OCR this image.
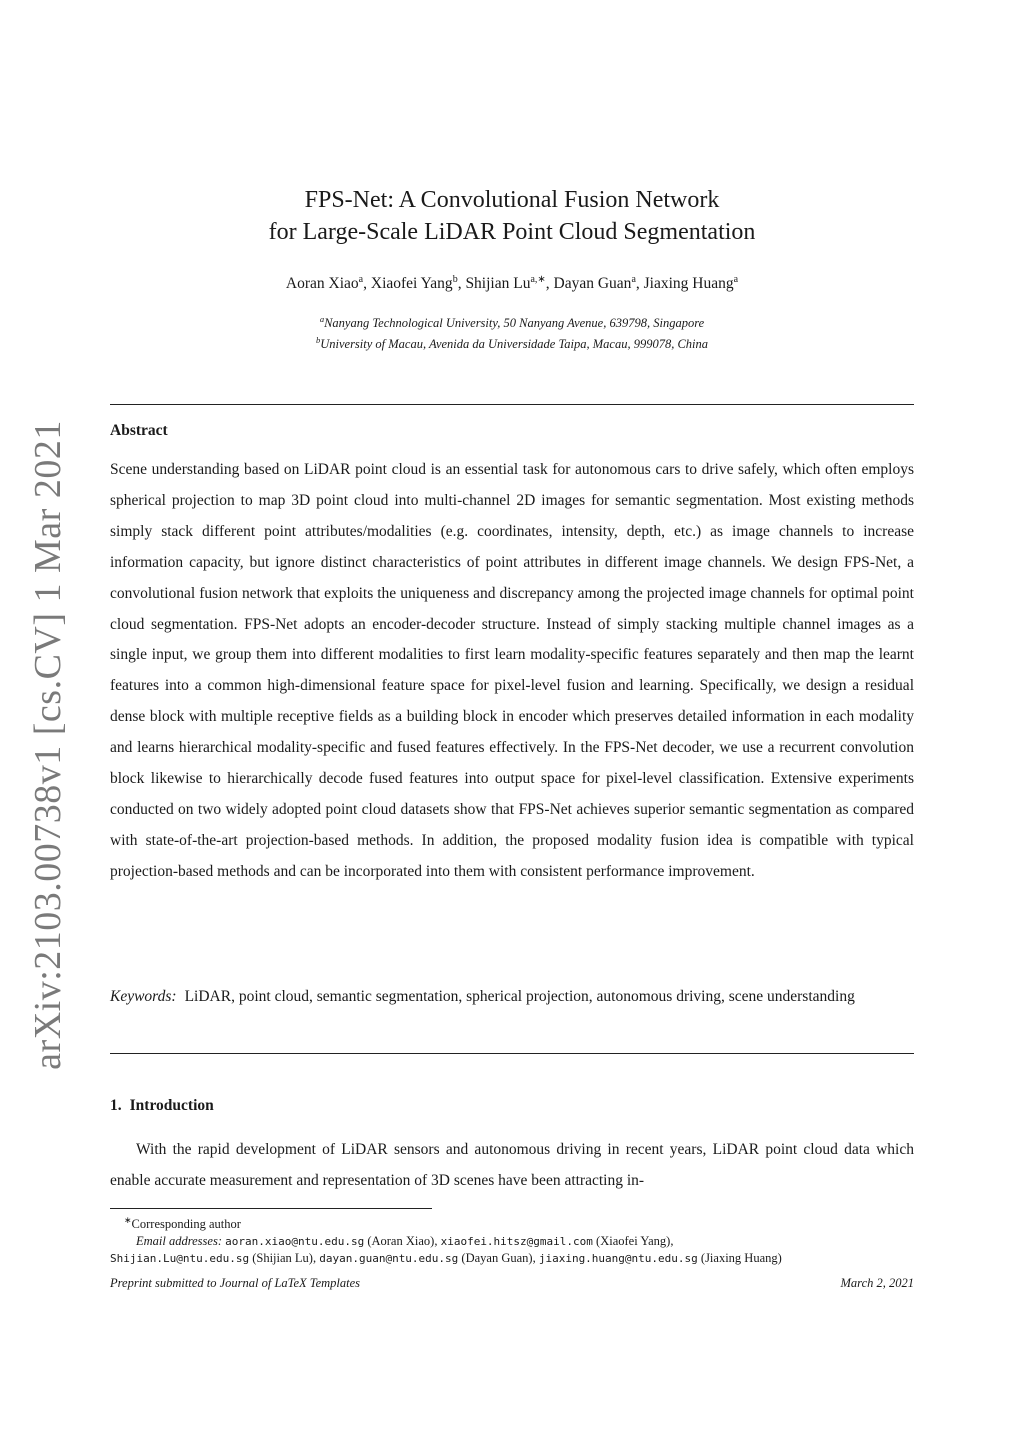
arXiv:2103.00738v1 [cs.CV] 1 Mar 2021
FPS-Net: A Convolutional Fusion Network
for Large-Scale LiDAR Point Cloud Segmentation
Aoran Xiao$^a$, Xiaofei Yang$^b$, Shijian $Lu^{a,∗}$, Dayan Guan$^a$, Jiaxing Huang$^a$
$^a$Nanyang Technological University, 50 Nanyang Avenue, 639798, Singapore
$^b$University of Macau, Avenida da Universidade Taipa, Macau, 999078, China
Abstract
Scene understanding based on LiDAR point cloud is an essential task for autonomous cars to drive safely, which often employs spherical projection to map 3D point cloud into multi-channel 2D images for semantic segmentation. Most existing methods simply stack different point attributes/modalities (e.g. coordinates, intensity, depth, etc.) as image channels to increase information capacity, but ignore distinct characteristics of point attributes in different image channels. We design FPS-Net, a convolutional fusion network that exploits the uniqueness and discrepancy among the projected image channels for optimal point cloud segmentation. FPS-Net adopts an encoder-decoder structure. Instead of simply stacking multiple channel images as a single input, we group them into different modalities to first learn modality-specific features separately and then map the learnt features into a common high-dimensional feature space for pixel-level fusion and learning. Specifically, we design a residual dense block with multiple receptive fields as a building block in encoder which preserves detailed information in each modality and learns hierarchical modality-specific and fused features effectively. In the FPS-Net decoder, we use a recurrent convolution block likewise to hierarchically decode fused features into output space for pixel-level classification. Extensive experiments conducted on two widely adopted point cloud datasets show that FPS-Net achieves superior semantic segmentation as compared with state-of-the-art projection-based methods. In addition, the proposed modality fusion idea is compatible with typical projection-based methods and can be incorporated into them with consistent performance improvement.
Keywords: LiDAR, point cloud, semantic segmentation, spherical projection, autonomous driving, scene understanding
1. Introduction
With the rapid development of LiDAR sensors and autonomous driving in recent years, LiDAR point cloud data which enable accurate measurement and representation of 3D scenes have been attracting in-
∗Corresponding author
Email addresses: aoran.xiao@ntu.edu.sg (Aoran Xiao), xiaofei.hitsz@gmail.com (Xiaofei Yang),
Shijian.Lu@ntu.edu.sg (Shijian Lu), dayan.guan@ntu.edu.sg (Dayan Guan), jiaxing.huang@ntu.edu.sg (Jiaxing Huang)
Preprint submitted to Journal of LaTeX Templates	March 2, 2021
